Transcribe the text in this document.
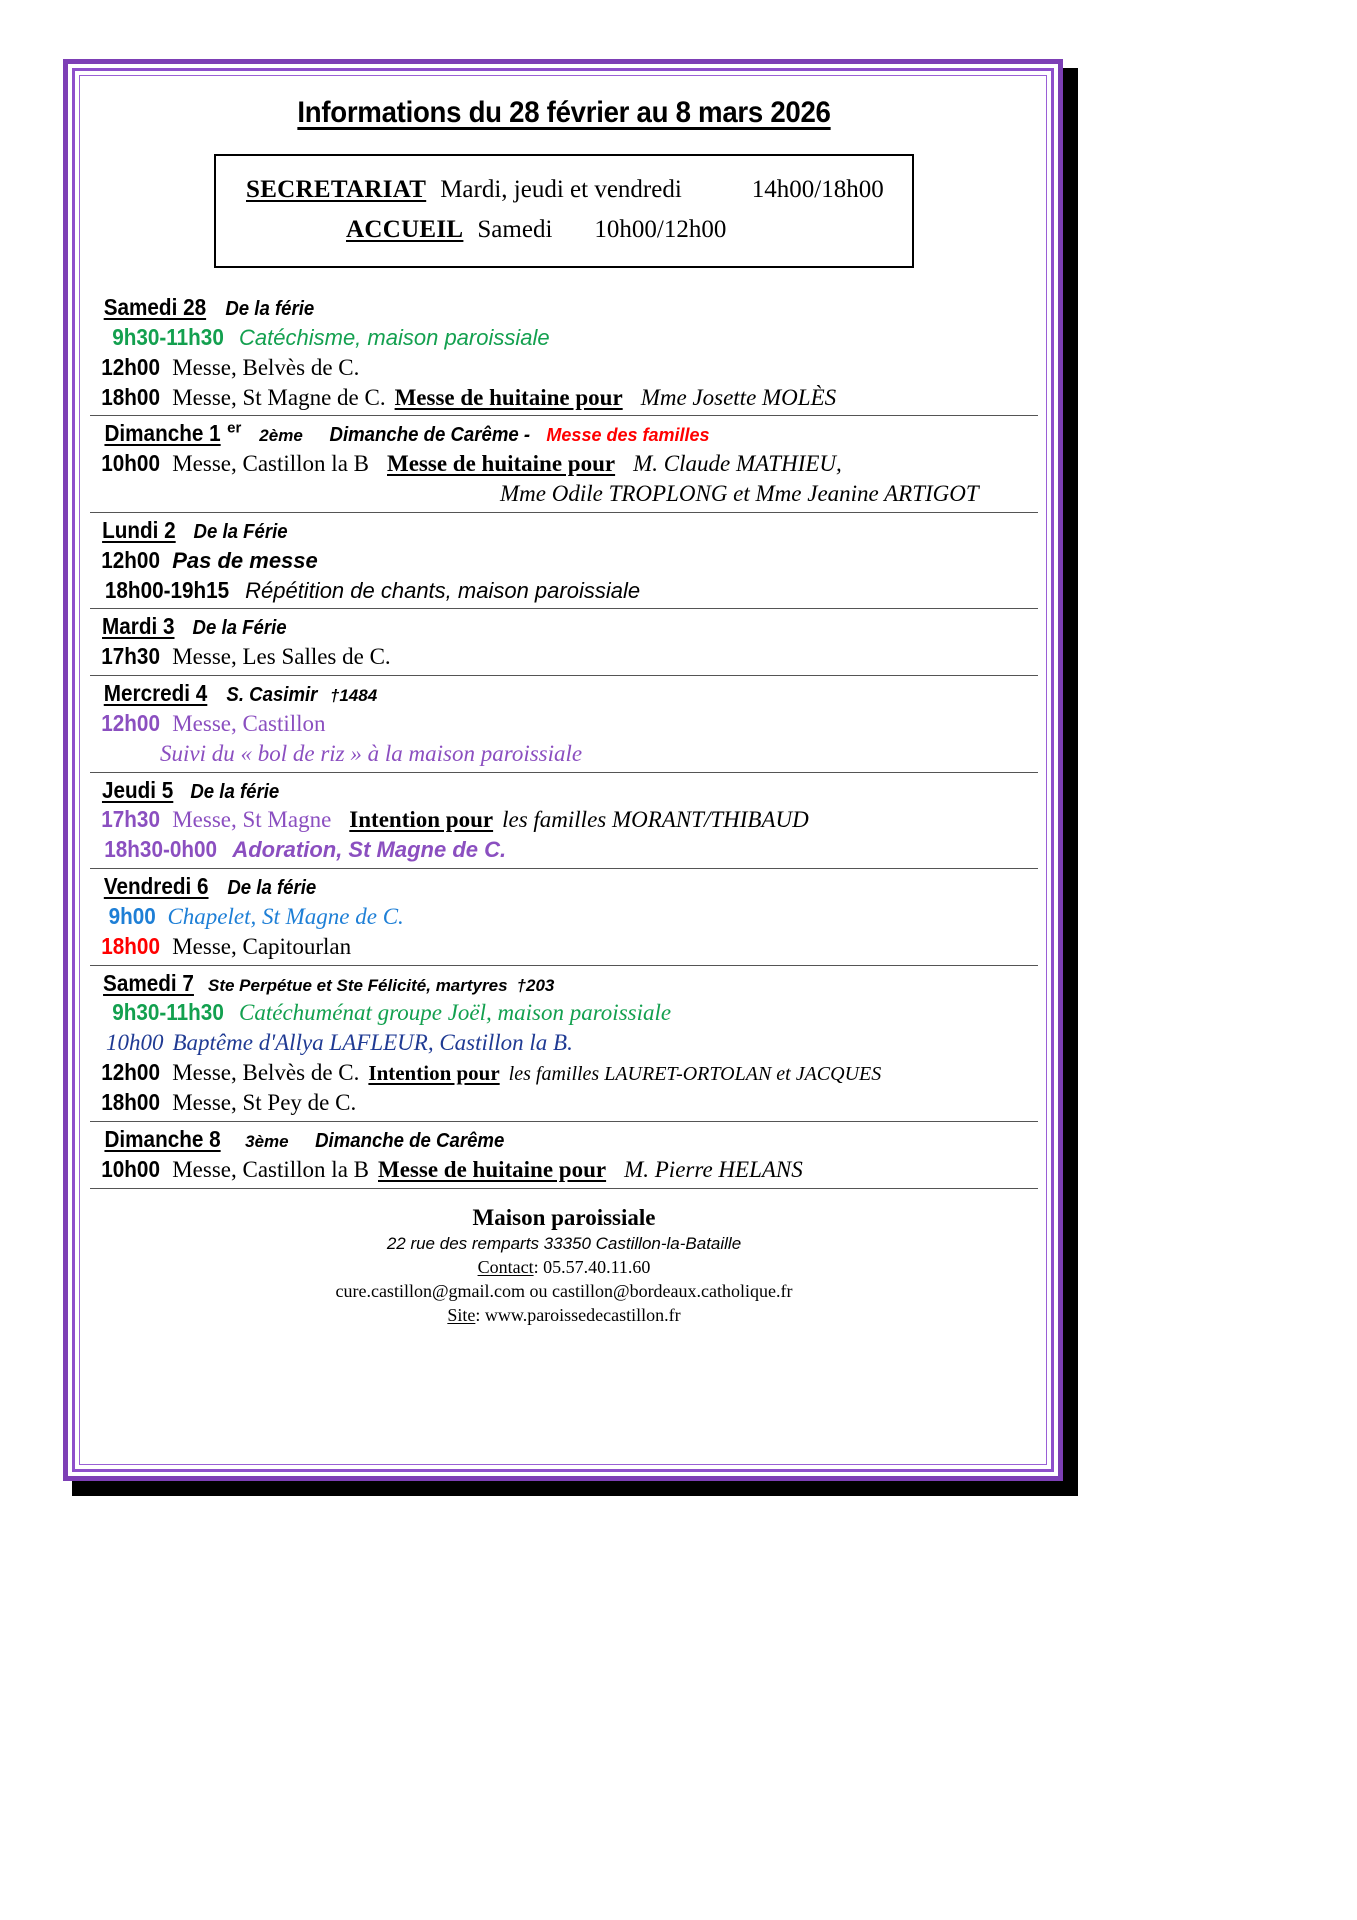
Informations du 28 février au 8 mars 2026
SECRETARIAT Mardi, jeudi et vendredi	14h00/18h00
ACCUEIL Samedi 10h00/12h00
Samedi 28 De la férie
9h30-11h30 Catéchisme, maison paroissiale
12h00 Messe, Belvès de C.
18h00 Messe, St Magne de C. Messe de huitaine pour Mme Josette MOLÈS
Dimanche 1 $^{er}$ 2ème Dimanche de Carême - Messe des familles
10h00 Messe, Castillon la B Messe de huitaine pour M. Claude MATHIEU,
Mme Odile TROPLONG et Mme Jeanine ARTIGOT
Lundi 2 De la Férie
12h00 Pas de messe
18h00-19h15 Répétition de chants, maison paroissiale
Mardi 3 De la Férie
17h30 Messe, Les Salles de C.
Mercredi 4 S. Casimir †1484
12h00 Messe, Castillon
Suivi du « bol de riz » à la maison paroissiale
Jeudi 5 De la férie
17h30 Messe, St Magne Intention pour les familles MORANT/THIBAUD
18h30-0h00 Adoration, St Magne de C.
Vendredi 6 De la férie
9h00 Chapelet, St Magne de C.
18h00 Messe, Capitourlan
Samedi 7 Ste Perpétue et Ste Félicité, martyres †203
9h30-11h30 Catéchuménat groupe Joël, maison paroissiale
10h00 Baptême d'Allya LAFLEUR, Castillon la B.
12h00 Messe, Belvès de C. Intention pour les familles LAURET-ORTOLAN et JACQUES
18h00 Messe, St Pey de C.
Dimanche 8 3ème Dimanche de Carême
10h00 Messe, Castillon la B Messe de huitaine pour M. Pierre HELANS
Maison paroissiale
22 rue des remparts 33350 Castillon-la-Bataille
Contact: 05.57.40.11.60
cure.castillon@gmail.com ou castillon@bordeaux.catholique.fr
Site: www.paroissedecastillon.fr
